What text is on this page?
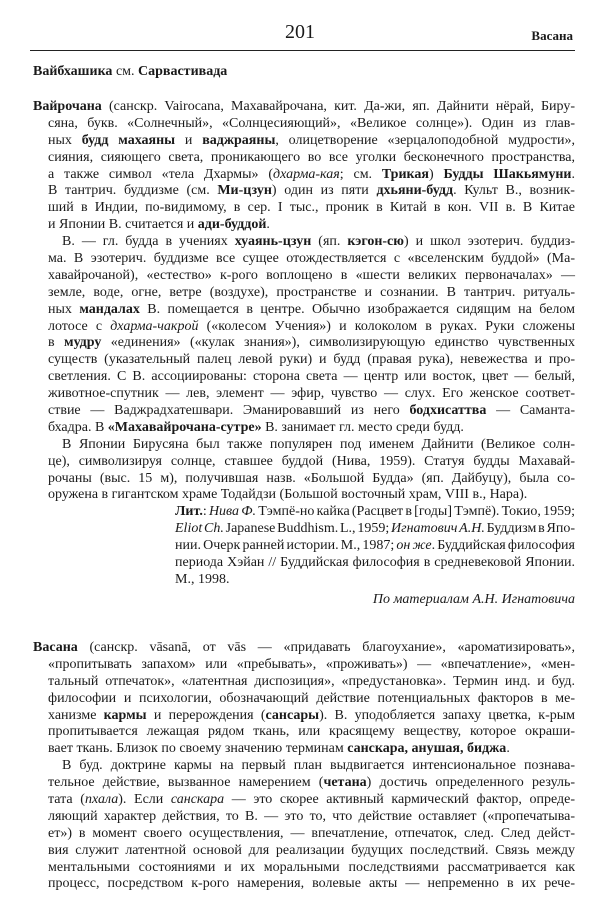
201	Васана
Вайбхашика см. Сарвастивада
Вайрочана (санскр. Vairocana, Махавайрочана, кит. Да-жи, яп. Дайнити нёрай, Биру-
сяна, букв. «Солнечный», «Солнцесияющий», «Великое солнце»). Один из глав-
ных будд махаяны и ваджраяны, олицетворение «зерцалоподобной мудрости»,
сияния, сияющего света, проникающего во все уголки бесконечного пространства,
а также символ «тела Дхармы» (дхарма-кая; см. Трикая) Будды Шакьямуни.
В тантрич. буддизме (см. Ми-цзун) один из пяти дхьяни-будд. Культ В., возник-
ший в Индии, по-видимому, в сер. I тыс., проник в Китай в кон. VII в. В Китае
и Японии В. считается и ади-буддой.
В. — гл. будда в учениях хуаянь-цзун (яп. кэгон-сю) и школ эзотерич. буддиз-
ма. В эзотерич. буддизме все сущее отождествляется с «вселенским буддой» (Ма-
хавайрочаной), «естество» к-рого воплощено в «шести великих первоначалах» —
земле, воде, огне, ветре (воздухе), пространстве и сознании. В тантрич. ритуаль-
ных мандалах В. помещается в центре. Обычно изображается сидящим на белом
лотосе с дхарма-чакрой («колесом Учения») и колоколом в руках. Руки сложены
в мудру «единения» («кулак знания»), символизирующую единство чувственных
существ (указательный палец левой руки) и будд (правая рука), невежества и про-
светления. С В. ассоциированы: сторона света — центр или восток, цвет — белый,
животное-спутник — лев, элемент — эфир, чувство — слух. Его женское соответ-
ствие — Ваджрадхатешвари. Эманировавший из него бодхисаттва — Саманта-
бхадра. В «Махавайрочана-сутре» В. занимает гл. место среди будд.
В Японии Бирусяна был также популярен под именем Дайнити (Великое солн-
це), символизируя солнце, ставшее буддой (Нива, 1959). Статуя будды Махавай-
рочаны (выс. 15 м), получившая назв. «Большой Будда» (яп. Дайбуцу), была со-
оружена в гигантском храме Тодайдзи (Большой восточный храм, VIII в., Нара).
Лит.: Нива Ф. Тэмпё-но кайка (Расцвет в [годы] Тэмпё). Токио, 1959;
Eliot Ch. Japanese Buddhism. L., 1959; Игнатович А.Н. Буддизм в Япо-
нии. Очерк ранней истории. М., 1987; он же. Буддийская философия
периода Хэйан // Буддийская философия в средневековой Японии.
М., 1998.
По материалам А.Н. Игнатовича
Васана (санскр. vāsanā, от vās — «придавать благоухание», «ароматизировать»,
«пропитывать запахом» или «пребывать», «проживать») — «впечатление», «мен-
тальный отпечаток», «латентная диспозиция», «предустановка». Термин инд. и буд.
философии и психологии, обозначающий действие потенциальных факторов в ме-
ханизме кармы и перерождения (сансары). В. уподобляется запаху цветка, к-рым
пропитывается лежащая рядом ткань, или красящему веществу, которое окраши-
вает ткань. Близок по своему значению терминам санскара, анушая, биджа.
В буд. доктрине кармы на первый план выдвигается интенсиональное познава-
тельное действие, вызванное намерением (четана) достичь определенного резуль-
тата (пхала). Если санскара — это скорее активный кармический фактор, опреде-
ляющий характер действия, то В. — это то, что действие оставляет («пропечатыва-
ет») в момент своего осуществления, — впечатление, отпечаток, след. След дейст-
вия служит латентной основой для реализации будущих последствий. Связь между
ментальными состояниями и их моральными последствиями рассматривается как
процесс, посредством к-рого намерения, волевые акты — непременно в их рече-
